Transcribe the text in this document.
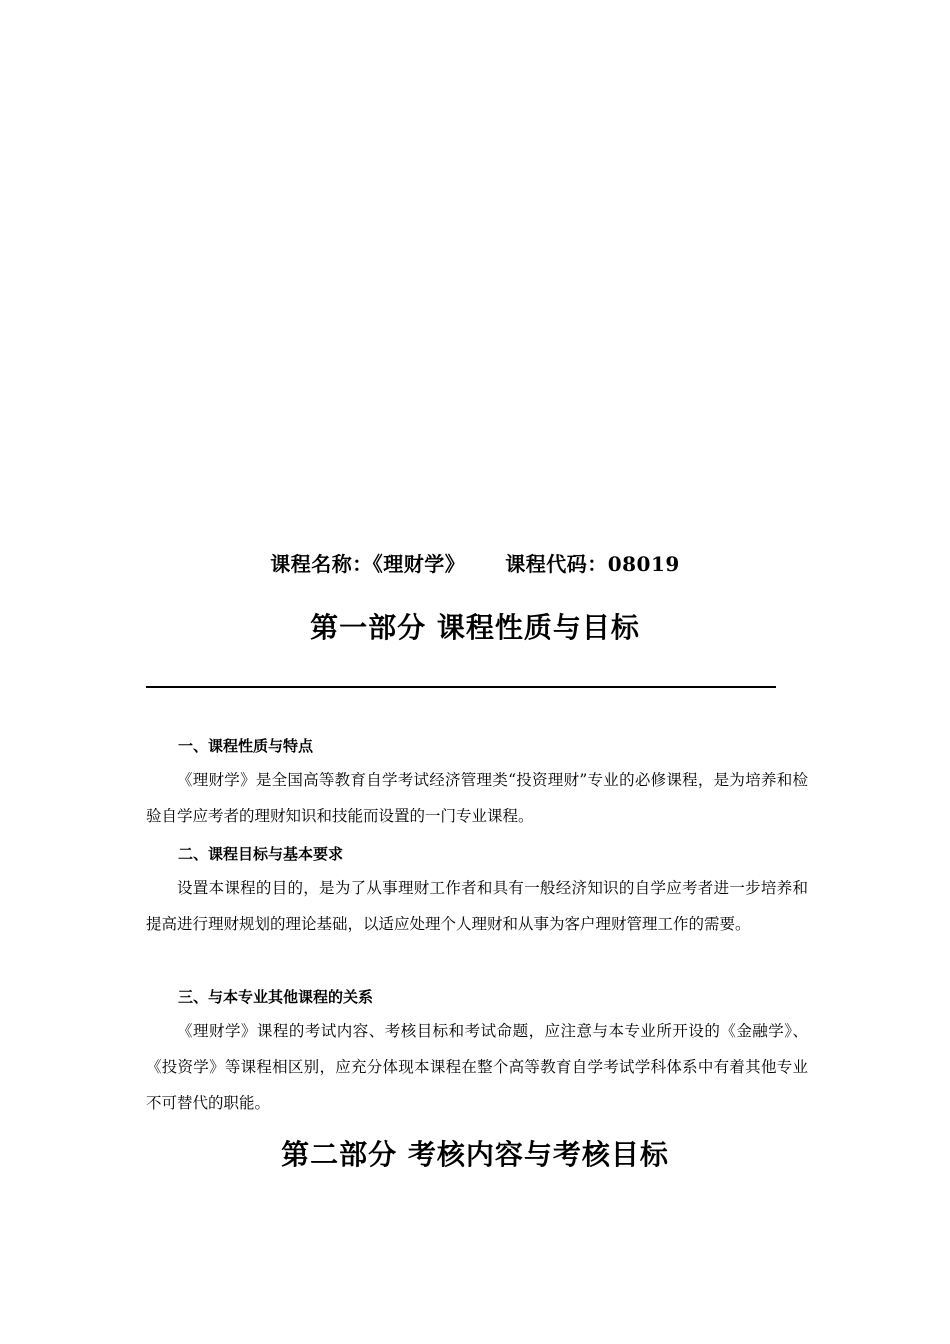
课程名称：《理财学》 课程代码：08019
第一部分 课程性质与目标
一、课程性质与特点

《理财学》是全国高等教育自学考试经济管理类“投资理财”专业的必修课程，是为培养和检验自学应考者的理财知识和技能而设置的一门专业课程。

二、课程目标与基本要求

设置本课程的目的，是为了从事理财工作者和具有一般经济知识的自学应考者进一步培养和提高进行理财规划的理论基础，以适应处理个人理财和从事为客户理财管理工作的需要。

三、与本专业其他课程的关系

《理财学》课程的考试内容、考核目标和考试命题，应注意与本专业所开设的《金融学》、《投资学》等课程相区别，应充分体现本课程在整个高等教育自学考试学科体系中有着其他专业不可替代的职能。

第二部分 考核内容与考核目标
